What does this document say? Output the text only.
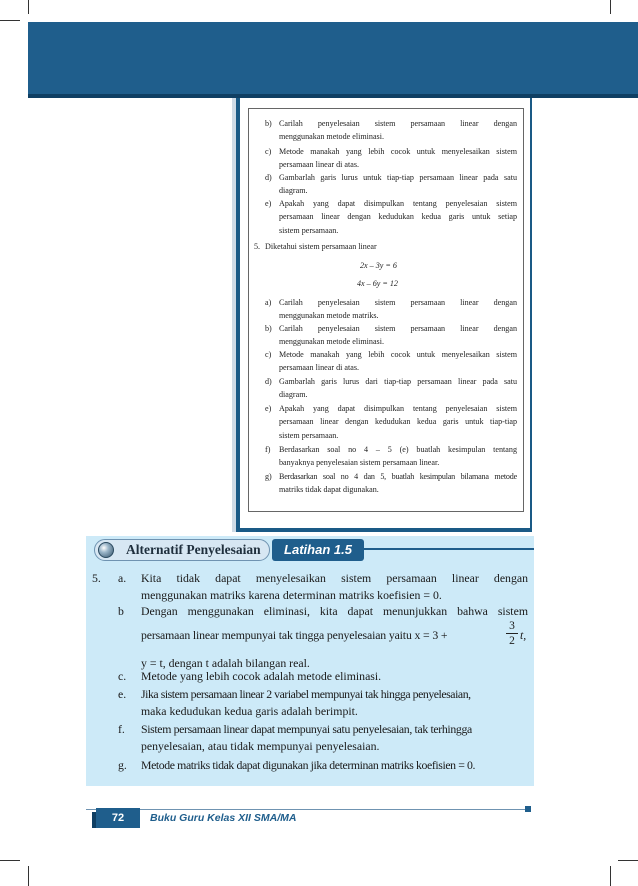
b) Carilah penyelesaian sistem persamaan linear dengan
menggunakan metode eliminasi.
c) Metode manakah yang lebih cocok untuk menyelesaikan sistem
persamaan linear di atas.
d) Gambarlah garis lurus untuk tiap-tiap persamaan linear pada satu
diagram.
e) Apakah yang dapat disimpulkan tentang penyelesaian sistem
persamaan linear dengan kedudukan kedua garis untuk setiap
sistem persamaan.
5. Diketahui sistem persamaan linear
2x – 3y = 6
4x – 6y = 12
a) Carilah penyelesaian sistem persamaan linear dengan
menggunakan metode matriks.
b) Carilah penyelesaian sistem persamaan linear dengan
menggunakan metode eliminasi.
c) Metode manakah yang lebih cocok untuk menyelesaikan sistem
persamaan linear di atas.
d) Gambarlah garis lurus dari tiap-tiap persamaan linear pada satu
diagram.
e) Apakah yang dapat disimpulkan tentang penyelesaian sistem
persamaan linear dengan kedudukan kedua garis untuk tiap-tiap
sistem persamaan.
f) Berdasarkan soal no 4 – 5 (e) buatlah kesimpulan tentang
banyaknya penyelesaian sistem persamaan linear.
g) Berdasarkan soal no 4 dan 5, buatlah kesimpulan bilamana metode
matriks tidak dapat digunakan.
Alternatif Penyelesaian	Latihan 1.5
5. a. Kita tidak dapat menyelesaikan sistem persamaan linear dengan
menggunakan matriks karena determinan matriks koefisien = 0.
b Dengan menggunakan eliminasi, kita dapat menunjukkan bahwa sistem
persamaan linear mempunyai tak tingga penyelesaian yaitu x = 3 +
y = t, dengan t adalah bilangan real.
$\frac{3}{2} t$,
c. Metode yang lebih cocok adalah metode eliminasi.
e. Jika sistem persamaan linear 2 variabel mempunyai tak hingga penyelesaian,
maka kedudukan kedua garis adalah berimpit.
f. Sistem persamaan linear dapat mempunyai satu penyelesaian, tak terhingga
penyelesaian, atau tidak mempunyai penyelesaian.
g. Metode matriks tidak dapat digunakan jika determinan matriks koefisien = 0.
72	Buku Guru Kelas XII SMA/MA
